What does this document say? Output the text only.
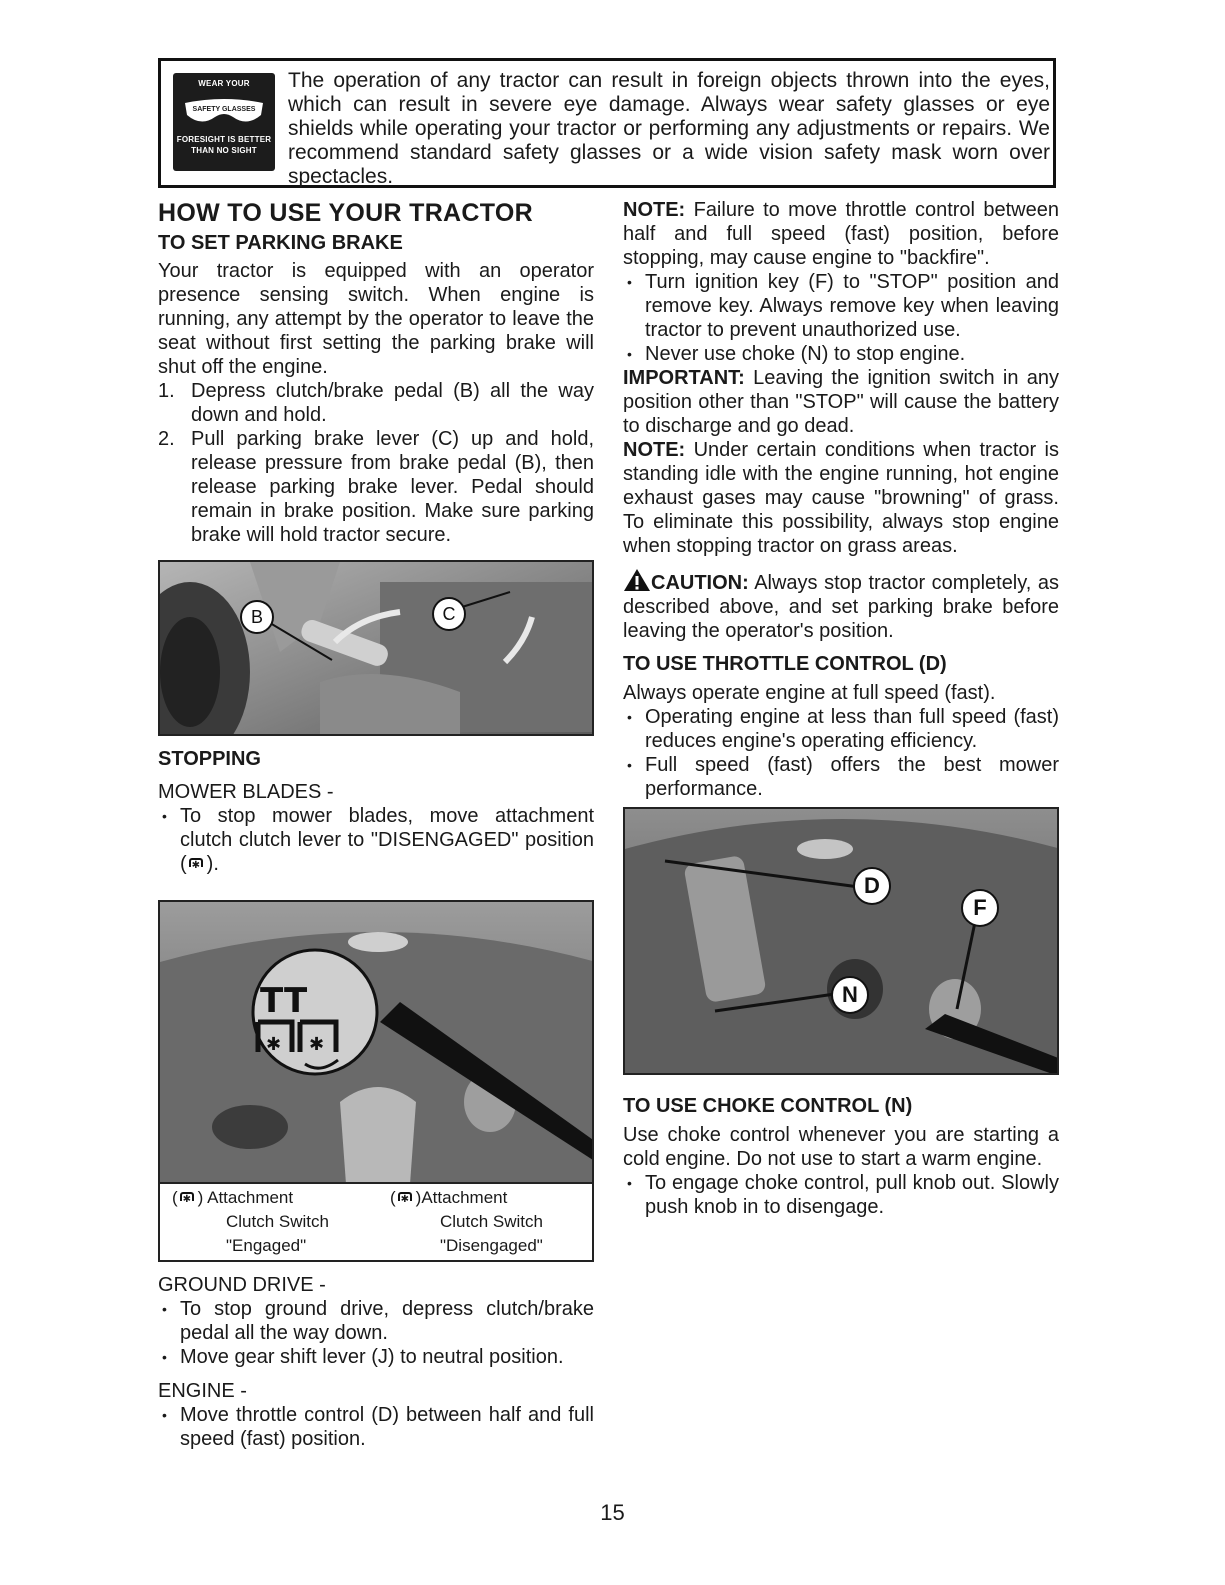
WEAR YOUR
SAFETY GLASSES
FORESIGHT IS BETTER
THAN NO SIGHT
The operation of any tractor can result in foreign objects thrown into the eyes, which can result in severe eye damage. Always wear safety glasses or eye shields while operating your tractor or performing any adjustments or repairs. We recommend standard safety glasses or a wide vision safety mask worn over spectacles.
HOW TO USE YOUR TRACTOR
TO SET PARKING BRAKE

Your tractor is equipped with an operator presence sensing switch. When engine is running, any attempt by the operator to leave the seat without first setting the parking brake will shut off the engine.

1. Depress clutch/brake pedal (B) all the way down and hold.
2. Pull parking brake lever (C) up and hold, release pressure from brake pedal (B), then release parking brake lever. Pedal should remain in brake position. Make sure parking brake will hold tractor secure.
B	C
STOPPING

MOWER BLADES -

• To stop mower blades, move attachment clutch clutch lever to "DISENGAGED" position ( ✱ ).
TT
✱ ✱
( ✱ ) Attachment
Clutch Switch
"Engaged"
( ✱ )Attachment
Clutch Switch
"Disengaged"

GROUND DRIVE -

• To stop ground drive, depress clutch/brake pedal all the way down.
• Move gear shift lever (J) to neutral position.

ENGINE -

• Move throttle control (D) between half and full speed (fast) position.

NOTE: Failure to move throttle control between half and full speed (fast) position, before stopping, may cause engine to "backfire".

• Turn ignition key (F) to "STOP" position and remove key. Always remove key when leaving tractor to prevent unauthorized use.
• Never use choke (N) to stop engine.

IMPORTANT: Leaving the ignition switch in any position other than "STOP" will cause the battery to discharge and go dead.

NOTE: Under certain conditions when tractor is standing idle with the engine running, hot engine exhaust gases may cause "browning" of grass. To eliminate this possibility, always stop engine when stopping tractor on grass areas.

CAUTION: Always stop tractor completely, as described above, and set parking brake before leaving the operator's position.

TO USE THROTTLE CONTROL (D)

Always operate engine at full speed (fast).

• Operating engine at less than full speed (fast) reduces engine's operating efficiency.
• Full speed (fast) offers the best mower performance.
D
F
N
TO USE CHOKE CONTROL (N)

Use choke control whenever you are starting a cold engine. Do not use to start a warm engine.

• To engage choke control, pull knob out. Slowly push knob in to disengage.
15
